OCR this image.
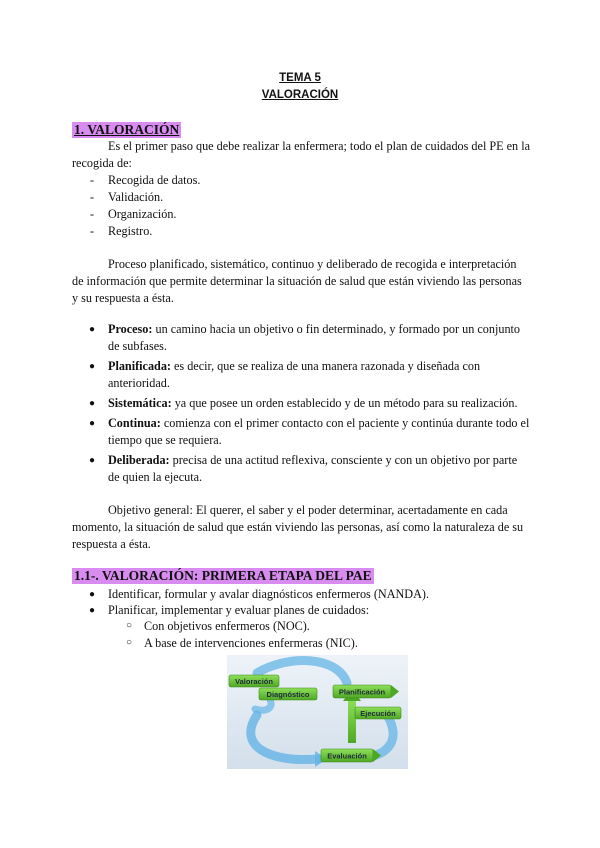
TEMA 5
VALORACIÓN
1. VALORACIÓN
Es el primer paso que debe realizar la enfermera; todo el plan de cuidados del PE en la
recogida de:
- Recogida de datos.
- Validación.
- Organización.
- Registro.
Proceso planificado, sistemático, continuo y deliberado de recogida e interpretación
de información que permite determinar la situación de salud que están viviendo las personas
y su respuesta a ésta.
● Proceso: un camino hacia un objetivo o fin determinado, y formado por un conjunto
de subfases.
● Planificada: es decir, que se realiza de una manera razonada y diseñada con
anterioridad.
● Sistemática: ya que posee un orden establecido y de un método para su realización.
● Continua: comienza con el primer contacto con el paciente y continúa durante todo el
tiempo que se requiera.
● Deliberada: precisa de una actitud reflexiva, consciente y con un objetivo por parte
de quien la ejecuta.
Objetivo general: El querer, el saber y el poder determinar, acertadamente en cada
momento, la situación de salud que están viviendo las personas, así como la naturaleza de su
respuesta a ésta.
1.1-. VALORACIÓN: PRIMERA ETAPA DEL PAE
● Identificar, formular y avalar diagnósticos enfermeros (NANDA).
● Planificar, implementar y evaluar planes de cuidados:
○ Con objetivos enfermeros (NOC).
○ A base de intervenciones enfermeras (NIC).
Valoración
Diagnóstico	Planificación
Ejecución
Evaluación
